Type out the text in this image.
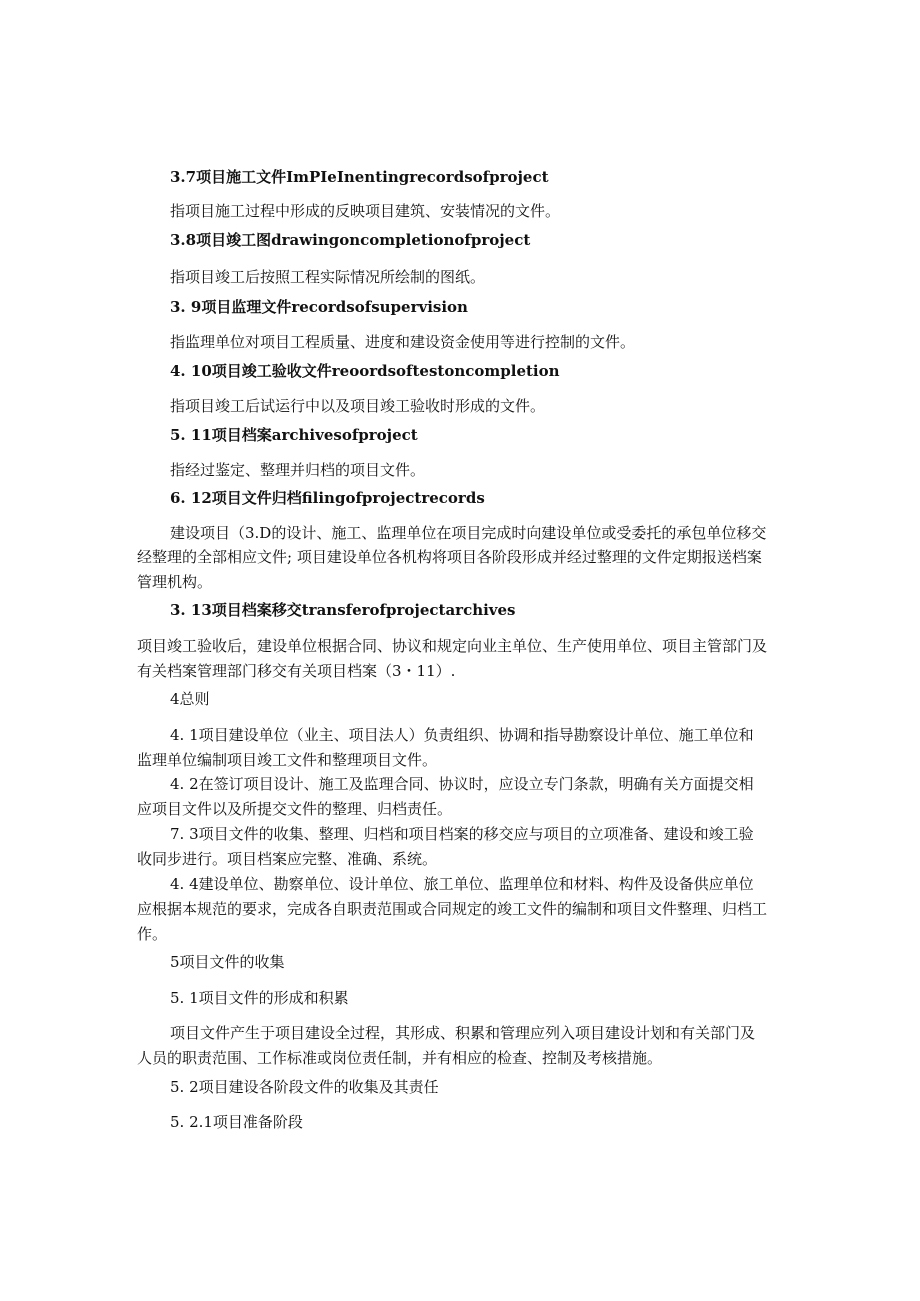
3.7项目施工文件ImPIeInentingrecordsofproject
指项目施工过程中形成的反映项目建筑、安装情况的文件。
3.8项目竣工图drawingoncompletionofproject
指项目竣工后按照工程实际情况所绘制的图纸。
3. 9项目监理文件recordsofsupervision
指监理单位对项目工程质量、进度和建设资金使用等进行控制的文件。
4. 10项目竣工验收文件reoordsoftestoncompletion
指项目竣工后试运行中以及项目竣工验收时形成的文件。
5. 11项目档案archivesofproject
指经过鉴定、整理并归档的项目文件。
6. 12项目文件归档filingofprojectrecords
建设项目（3.D的设计、施工、监理单位在项目完成时向建设单位或受委托的承包单位移交
经整理的全部相应文件; 项目建设单位各机构将项目各阶段形成并经过整理的文件定期报送档案
管理机构。
3. 13项目档案移交transferofprojectarchives
项目竣工验收后，建设单位根据合同、协议和规定向业主单位、生产使用单位、项目主管部门及
有关档案管理部门移交有关项目档案（3・11）.
4总则
4. 1项目建设单位（业主、项目法人）负责组织、协调和指导勘察设计单位、施工单位和
监理单位编制项目竣工文件和整理项目文件。
4. 2在签订项目设计、施工及监理合同、协议时，应设立专门条款，明确有关方面提交相
应项目文件以及所提交文件的整理、归档责任。
7. 3项目文件的收集、整理、归档和项目档案的移交应与项目的立项准备、建设和竣工验
收同步进行。项目档案应完整、准确、系统。
4. 4建设单位、勘察单位、设计单位、旅工单位、监理单位和材料、构件及设备供应单位
应根据本规范的要求，完成各自职责范围或合同规定的竣工文件的编制和项目文件整理、归档工
作。
5项目文件的收集
5. 1项目文件的形成和积累
项目文件产生于项目建设全过程，其形成、积累和管理应列入项目建设计划和有关部门及
人员的职责范围、工作标准或岗位责任制，并有相应的检查、控制及考核措施。
5. 2项目建设各阶段文件的收集及其责任
5. 2.1项目准备阶段
